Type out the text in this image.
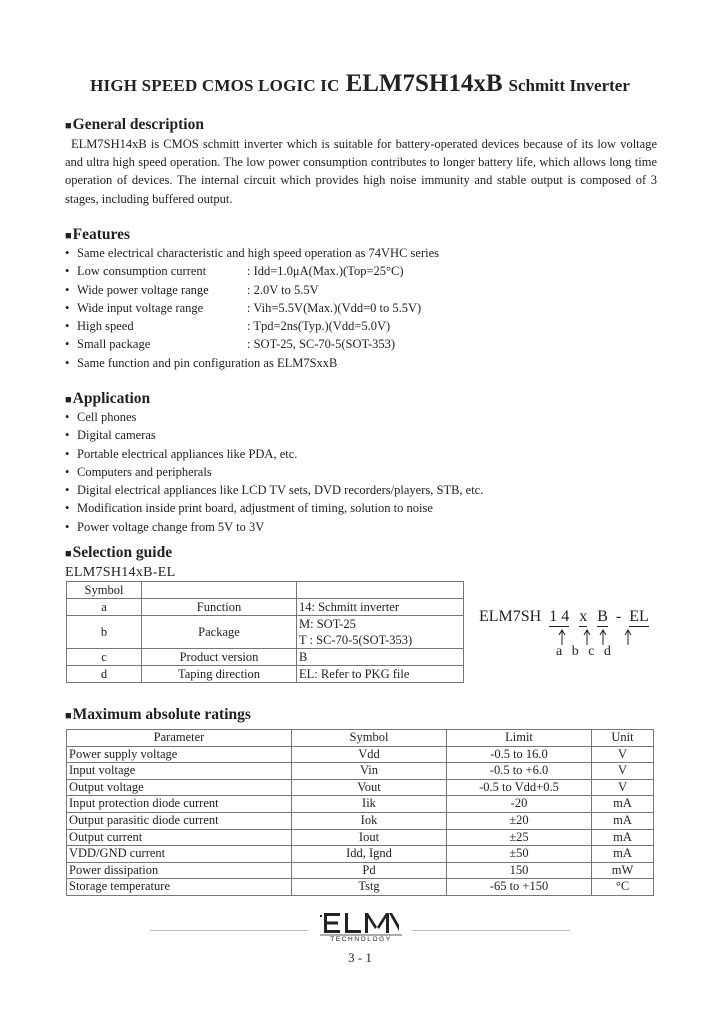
HIGH SPEED CMOS LOGIC IC ELM7SH14xB Schmitt Inverter
■General description
ELM7SH14xB is CMOS schmitt inverter which is suitable for battery-operated devices because of its low voltage and ultra high speed operation. The low power consumption contributes to longer battery life, which allows long time operation of devices. The internal circuit which provides high noise immunity and stable output is composed of 3 stages, including buffered output.
■Features
• Same electrical characteristic and high speed operation as 74VHC series
• Low consumption current	: Idd=1.0μA(Max.)(Top=25°C)
• Wide power voltage range	: 2.0V to 5.5V
• Wide input voltage range	: Vih=5.5V(Max.)(Vdd=0 to 5.5V)
• High speed	: Tpd=2ns(Typ.)(Vdd=5.0V)
• Small package	: SOT-25, SC-70-5(SOT-353)
• Same function and pin configuration as ELM7SxxB
■Application
• Cell phones
• Digital cameras
• Portable electrical appliances like PDA, etc.
• Computers and peripherals
• Digital electrical appliances like LCD TV sets, DVD recorders/players, STB, etc.
• Modification inside print board, adjustment of timing, solution to noise
• Power voltage change from 5V to 3V
■Selection guide
ELM7SH14xB-EL
Symbol		
a	Function	14: Schmitt inverter
b	Package	M: SOT-25
T : SC-70-5(SOT-353)

c	Product version	B
d	Taping direction	EL: Refer to PKG file
ELM7SH 1 4 x B - EL
a b c d
■Maximum absolute ratings
Parameter	Symbol	Limit	Unit
Power supply voltage	Vdd	-0.5 to 16.0	V
Input voltage	Vin	-0.5 to +6.0	V
Output voltage	Vout	-0.5 to Vdd+0.5	V
Input protection diode current	Iik	-20	mA
Output parasitic diode current	Iok	±20	mA
Output current	Iout	±25	mA
VDD/GND current	Idd, Ignd	±50	mA
Power dissipation	Pd	150	mW
Storage temperature	Tstg	-65 to +150	°C
TECHNOLOGY
3 - 1
